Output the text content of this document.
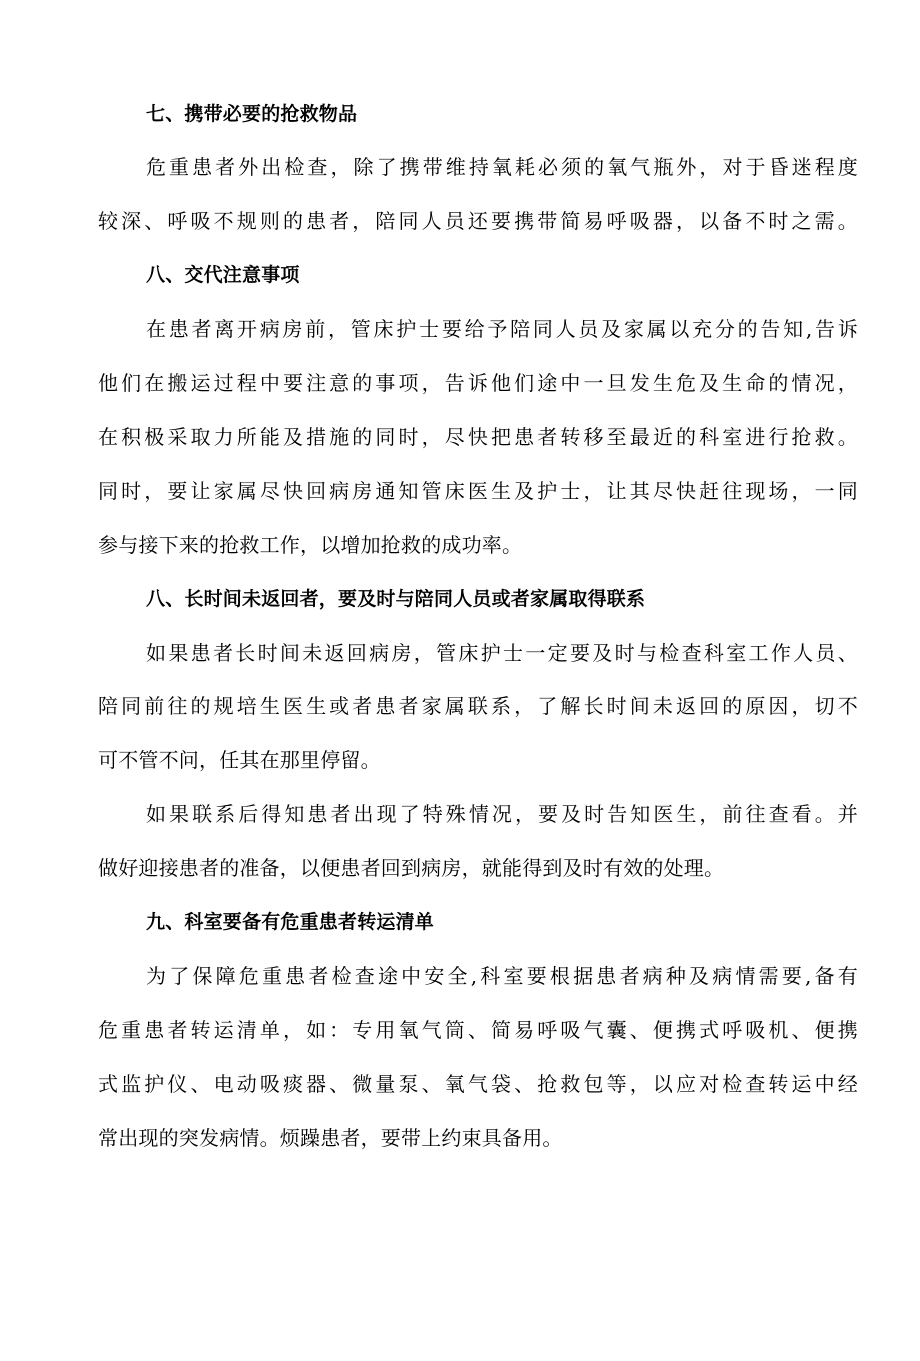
七、携带必要的抢救物品
危重患者外出检查，除了携带维持氧耗必须的氧气瓶外，对于昏迷程度
较深、呼吸不规则的患者，陪同人员还要携带简易呼吸器，以备不时之需。
八、交代注意事项
在患者离开病房前，管床护士要给予陪同人员及家属以充分的告知,告诉
他们在搬运过程中要注意的事项，告诉他们途中一旦发生危及生命的情况，
在积极采取力所能及措施的同时，尽快把患者转移至最近的科室进行抢救。
同时，要让家属尽快回病房通知管床医生及护士，让其尽快赶往现场，一同
参与接下来的抢救工作，以增加抢救的成功率。
八、长时间未返回者，要及时与陪同人员或者家属取得联系
如果患者长时间未返回病房，管床护士一定要及时与检查科室工作人员、
陪同前往的规培生医生或者患者家属联系，了解长时间未返回的原因，切不
可不管不问，任其在那里停留。
如果联系后得知患者出现了特殊情况，要及时告知医生，前往查看。并
做好迎接患者的准备，以便患者回到病房，就能得到及时有效的处理。
九、科室要备有危重患者转运清单
为了保障危重患者检查途中安全,科室要根据患者病种及病情需要,备有
危重患者转运清单，如：专用氧气筒、简易呼吸气囊、便携式呼吸机、便携
式监护仪、电动吸痰器、微量泵、氧气袋、抢救包等，以应对检查转运中经
常出现的突发病情。烦躁患者，要带上约束具备用。
